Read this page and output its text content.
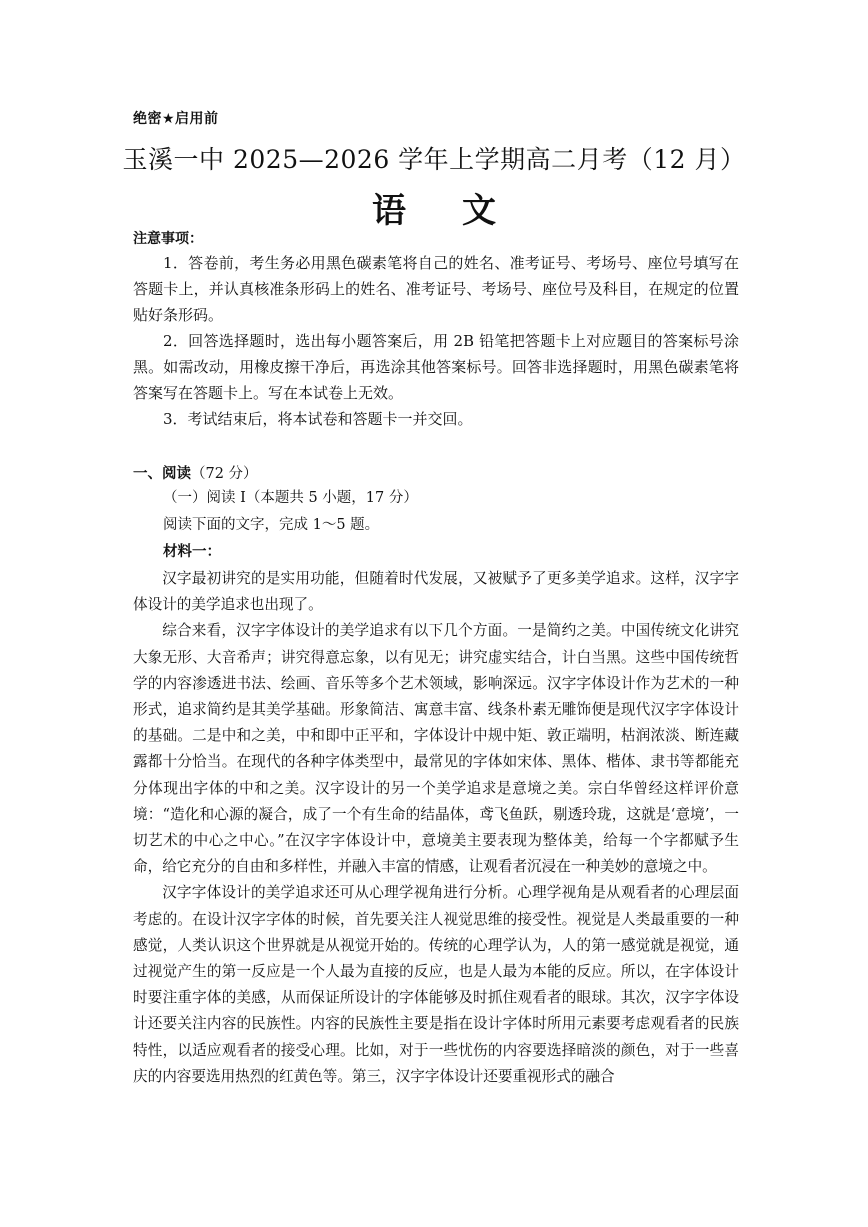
绝密★启用前
玉溪一中 2025—2026 学年上学期高二月考（12 月）
语文
注意事项：

1．答卷前，考生务必用黑色碳素笔将自己的姓名、准考证号、考场号、座位号填写在答题卡上，并认真核准条形码上的姓名、准考证号、考场号、座位号及科目，在规定的位置贴好条形码。

2．回答选择题时，选出每小题答案后，用 2B 铅笔把答题卡上对应题目的答案标号涂黑。如需改动，用橡皮擦干净后，再选涂其他答案标号。回答非选择题时，用黑色碳素笔将答案写在答题卡上。写在本试卷上无效。

3．考试结束后，将本试卷和答题卡一并交回。

一、阅读（72 分）
（一）阅读 I（本题共 5 小题，17 分）
阅读下面的文字，完成 1～5 题。
材料一：

汉字最初讲究的是实用功能，但随着时代发展，又被赋予了更多美学追求。这样，汉字字体设计的美学追求也出现了。

综合来看，汉字字体设计的美学追求有以下几个方面。一是简约之美。中国传统文化讲究大象无形、大音希声；讲究得意忘象，以有见无；讲究虚实结合，计白当黑。这些中国传统哲学的内容渗透进书法、绘画、音乐等多个艺术领域，影响深远。汉字字体设计作为艺术的一种形式，追求简约是其美学基础。形象简洁、寓意丰富、线条朴素无雕饰便是现代汉字字体设计的基础。二是中和之美，中和即中正平和，字体设计中规中矩、敦正端明，枯润浓淡、断连藏露都十分恰当。在现代的各种字体类型中，最常见的字体如宋体、黑体、楷体、隶书等都能充分体现出字体的中和之美。汉字设计的另一个美学追求是意境之美。宗白华曾经这样评价意境：“造化和心源的凝合，成了一个有生命的结晶体，鸢飞鱼跃，剔透玲珑，这就是‘意境’，一切艺术的中心之中心。”在汉字字体设计中，意境美主要表现为整体美，给每一个字都赋予生命，给它充分的自由和多样性，并融入丰富的情感，让观看者沉浸在一种美妙的意境之中。

汉字字体设计的美学追求还可从心理学视角进行分析。心理学视角是从观看者的心理层面考虑的。在设计汉字字体的时候，首先要关注人视觉思维的接受性。视觉是人类最重要的一种感觉，人类认识这个世界就是从视觉开始的。传统的心理学认为，人的第一感觉就是视觉，通过视觉产生的第一反应是一个人最为直接的反应，也是人最为本能的反应。所以，在字体设计时要注重字体的美感，从而保证所设计的字体能够及时抓住观看者的眼球。其次，汉字字体设计还要关注内容的民族性。内容的民族性主要是指在设计字体时所用元素要考虑观看者的民族特性，以适应观看者的接受心理。比如，对于一些忧伤的内容要选择暗淡的颜色，对于一些喜庆的内容要选用热烈的红黄色等。第三，汉字字体设计还要重视形式的融合
